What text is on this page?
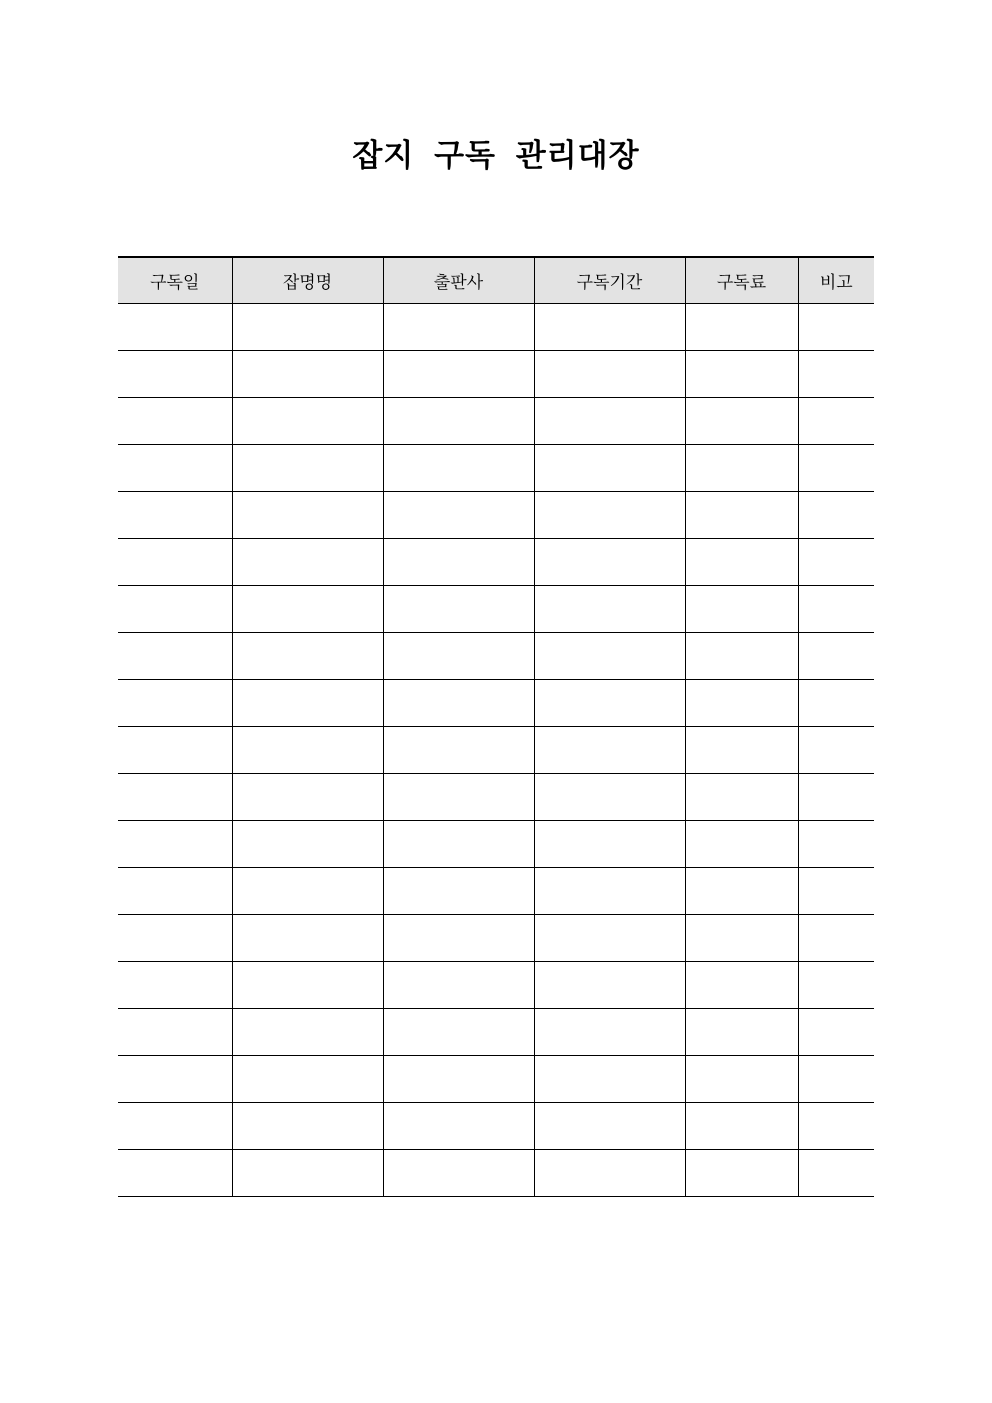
잡지 구독 관리대장
구독일	잡명명	출판사	구독기간	구독료	비고
